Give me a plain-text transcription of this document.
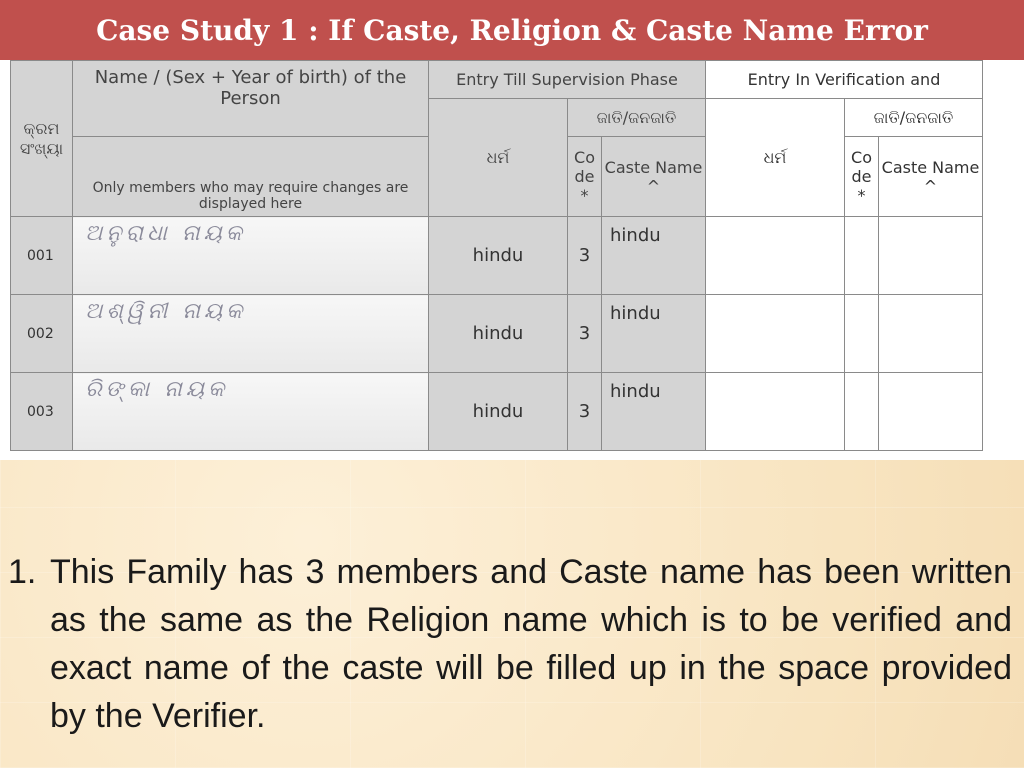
Case Study 1 : If Caste, Religion & Caste Name Error
କ୍ରମ ସଂଖ୍ୟା	Name / (Sex + Year of birth) of the Person	Entry Till Supervision Phase			Entry In Verification and		
		ଧର୍ମ	ଜାତି/ଜନଜାତି		ଧର୍ମ	ଜାତି/ଜନଜାତି	
	Only members who may require changes are displayed here		Co de *	Caste Name ^		Co de *	Caste Name ^
001	ଅନୁରାଧା ନାୟକ	hindu	3	hindu			
002	ଅଶ୍ୱିନୀ ନାୟକ	hindu	3	hindu			
003	ରିଙ୍କା ନାୟକ	hindu	3	hindu			
1. This Family has 3 members and Caste name has been written as the same as the Religion name which is to be verified and exact name of the caste will be filled up in the space provided by the Verifier.
